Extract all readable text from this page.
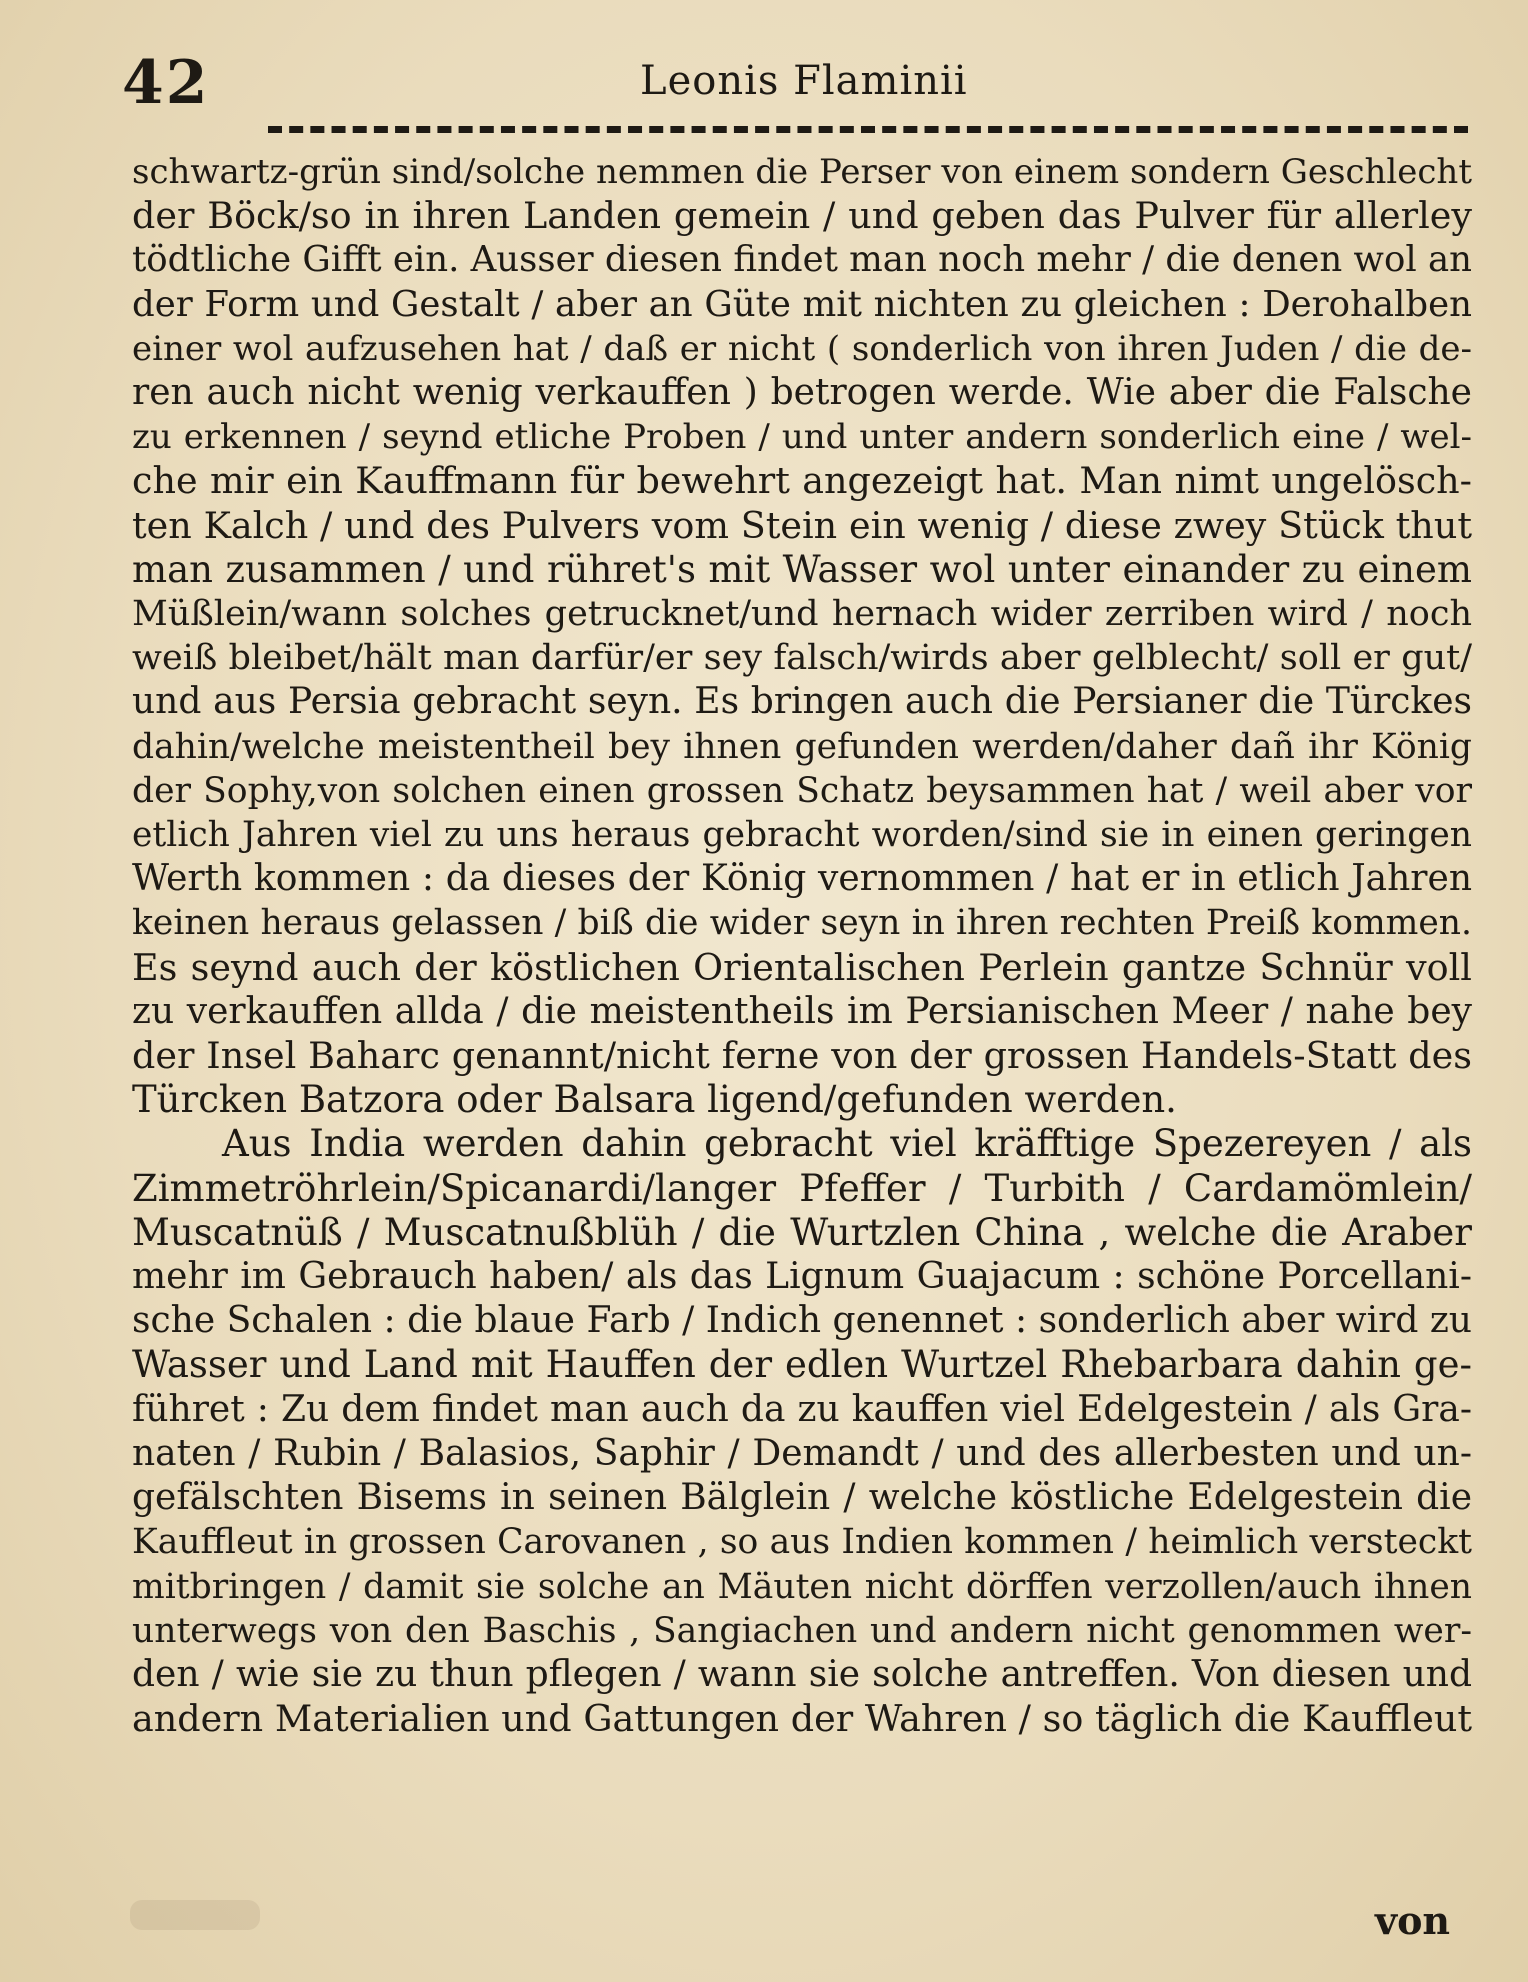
42	Leonis Flaminii
schwartz-grün sind/solche nemmen die Perser von einem sondern Geschlecht
der Böck/so in ihren Landen gemein / und geben das Pulver für allerley
tödtliche Gifft ein. Ausser diesen findet man noch mehr / die denen wol an
der Form und Gestalt / aber an Güte mit nichten zu gleichen : Derohalben
einer wol aufzusehen hat / daß er nicht ( sonderlich von ihren Juden / die de-
ren auch nicht wenig verkauffen ) betrogen werde. Wie aber die Falsche
zu erkennen / seynd etliche Proben / und unter andern sonderlich eine / wel-
che mir ein Kauffmann für bewehrt angezeigt hat. Man nimt ungelösch-
ten Kalch / und des Pulvers vom Stein ein wenig / diese zwey Stück thut
man zusammen / und rühret's mit Wasser wol unter einander zu einem
Müßlein/wann solches getrucknet/und hernach wider zerriben wird / noch
weiß bleibet/hält man darfür/er sey falsch/wirds aber gelblecht/ soll er gut/
und aus Persia gebracht seyn. Es bringen auch die Persianer die Türckes
dahin/welche meistentheil bey ihnen gefunden werden/daher dañ ihr König
der Sophy,von solchen einen grossen Schatz beysammen hat / weil aber vor
etlich Jahren viel zu uns heraus gebracht worden/sind sie in einen geringen
Werth kommen : da dieses der König vernommen / hat er in etlich Jahren
keinen heraus gelassen / biß die wider seyn in ihren rechten Preiß kommen.
Es seynd auch der köstlichen Orientalischen Perlein gantze Schnür voll
zu verkauffen allda / die meistentheils im Persianischen Meer / nahe bey
der Insel Baharc genannt/nicht ferne von der grossen Handels-Statt des
Türcken Batzora oder Balsara ligend/gefunden werden.
Aus India werden dahin gebracht viel kräfftige Spezereyen / als
Zimmetröhrlein/Spicanardi/langer Pfeffer / Turbith / Cardamömlein/
Muscatnüß / Muscatnußblüh / die Wurtzlen China , welche die Araber
mehr im Gebrauch haben/ als das Lignum Guajacum : schöne Porcellani-
sche Schalen : die blaue Farb / Indich genennet : sonderlich aber wird zu
Wasser und Land mit Hauffen der edlen Wurtzel Rhebarbara dahin ge-
führet : Zu dem findet man auch da zu kauffen viel Edelgestein / als Gra-
naten / Rubin / Balasios, Saphir / Demandt / und des allerbesten und un-
gefälschten Bisems in seinen Bälglein / welche köstliche Edelgestein die
Kauffleut in grossen Carovanen , so aus Indien kommen / heimlich versteckt
mitbringen / damit sie solche an Mäuten nicht dörffen verzollen/auch ihnen
unterwegs von den Baschis , Sangiachen und andern nicht genommen wer-
den / wie sie zu thun pflegen / wann sie solche antreffen. Von diesen und
andern Materialien und Gattungen der Wahren / so täglich die Kauffleut
von
